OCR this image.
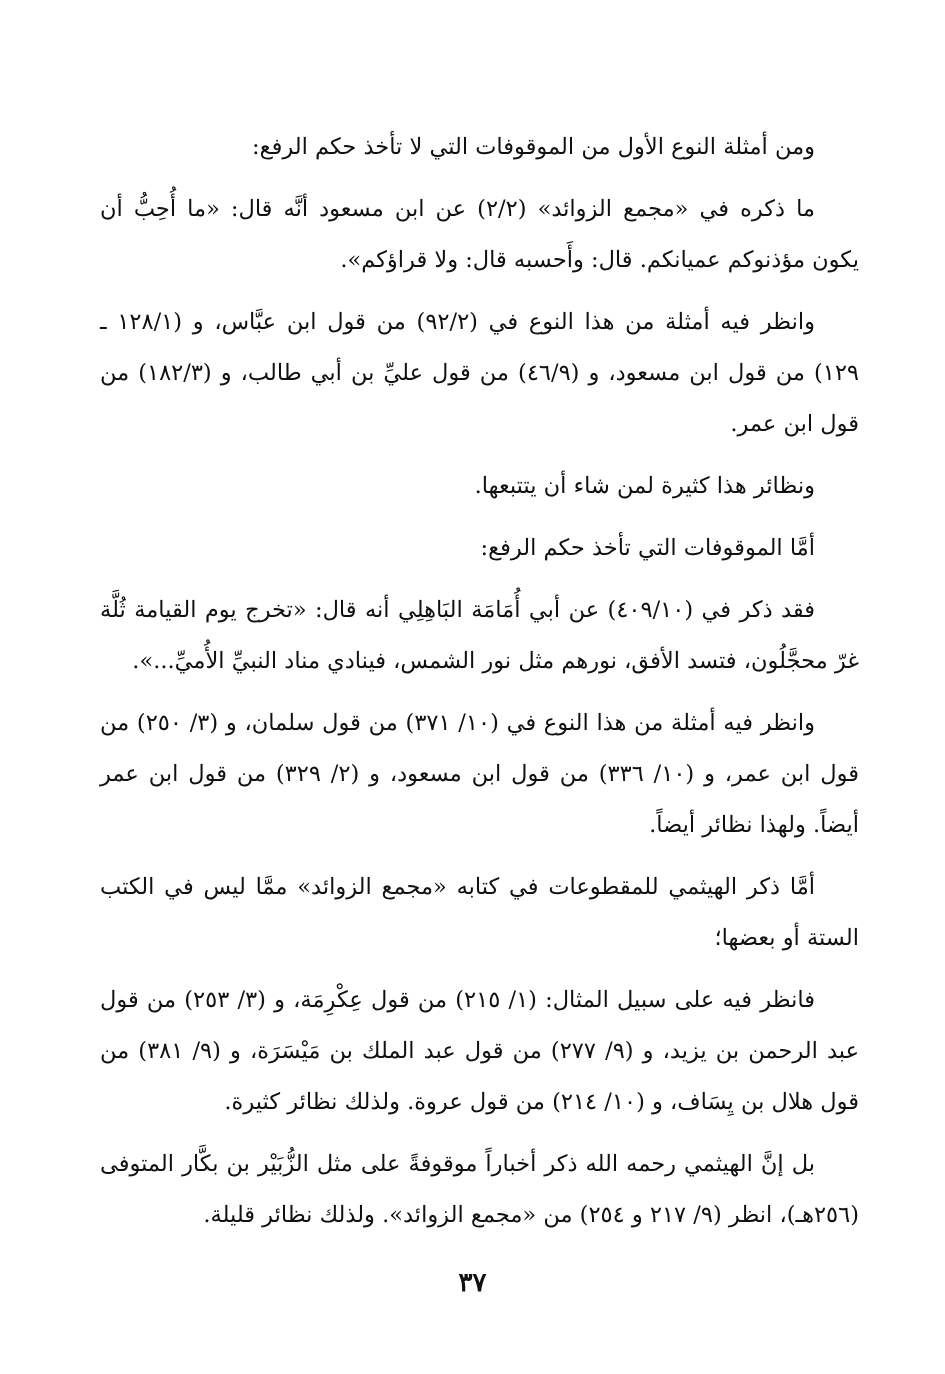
ومن أمثلة النوع الأول من الموقوفات التي لا تأخذ حكم الرفع:

ما ذكره في «مجمع الزوائد» (٢/٢) عن ابن مسعود أنَّه قال: «ما أُحِبُّ أن يكون مؤذنوكم عميانكم. قال: وأَحسبه قال: ولا قراؤكم».

وانظر فيه أمثلة من هذا النوع في (٩٢/٢) من قول ابن عبَّاس، و (١٢٨/١ ـ ١٢٩) من قول ابن مسعود، و (٤٦/٩) من قول عليِّ بن أبي طالب، و (١٨٢/٣) من قول ابن عمر.

ونظائر هذا كثيرة لمن شاء أن يتتبعها.

أمَّا الموقوفات التي تأخذ حكم الرفع:

فقد ذكر في (٤٠٩/١٠) عن أبي أُمَامَة البَاهِلِي أنه قال: «تخرج يوم القيامة ثُلَّة غرّ محجَّلُون، فتسد الأفق، نورهم مثل نور الشمس، فينادي مناد النبيِّ الأُميِّ...».

وانظر فيه أمثلة من هذا النوع في (١٠/ ٣٧١) من قول سلمان، و (٣/ ٢٥٠) من قول ابن عمر، و (١٠/ ٣٣٦) من قول ابن مسعود، و (٢/ ٣٢٩) من قول ابن عمر أيضاً. ولهذا نظائر أيضاً.

أمَّا ذكر الهيثمي للمقطوعات في كتابه «مجمع الزوائد» ممَّا ليس في الكتب الستة أو بعضها؛

فانظر فيه على سبيل المثال: (١/ ٢١٥) من قول عِكْرِمَة، و (٣/ ٢٥٣) من قول عبد الرحمن بن يزيد، و (٩/ ٢٧٧) من قول عبد الملك بن مَيْسَرَة، و (٩/ ٣٨١) من قول هلال بن يِسَاف، و (١٠/ ٢١٤) من قول عروة. ولذلك نظائر كثيرة.

بل إنَّ الهيثمي رحمه الله ذكر أخباراً موقوفةً على مثل الزُّبَيْر بن بكَّار المتوفى (٢٥٦هـ)، انظر (٩/ ٢١٧ و ٢٥٤) من «مجمع الزوائد». ولذلك نظائر قليلة.

٣٧
